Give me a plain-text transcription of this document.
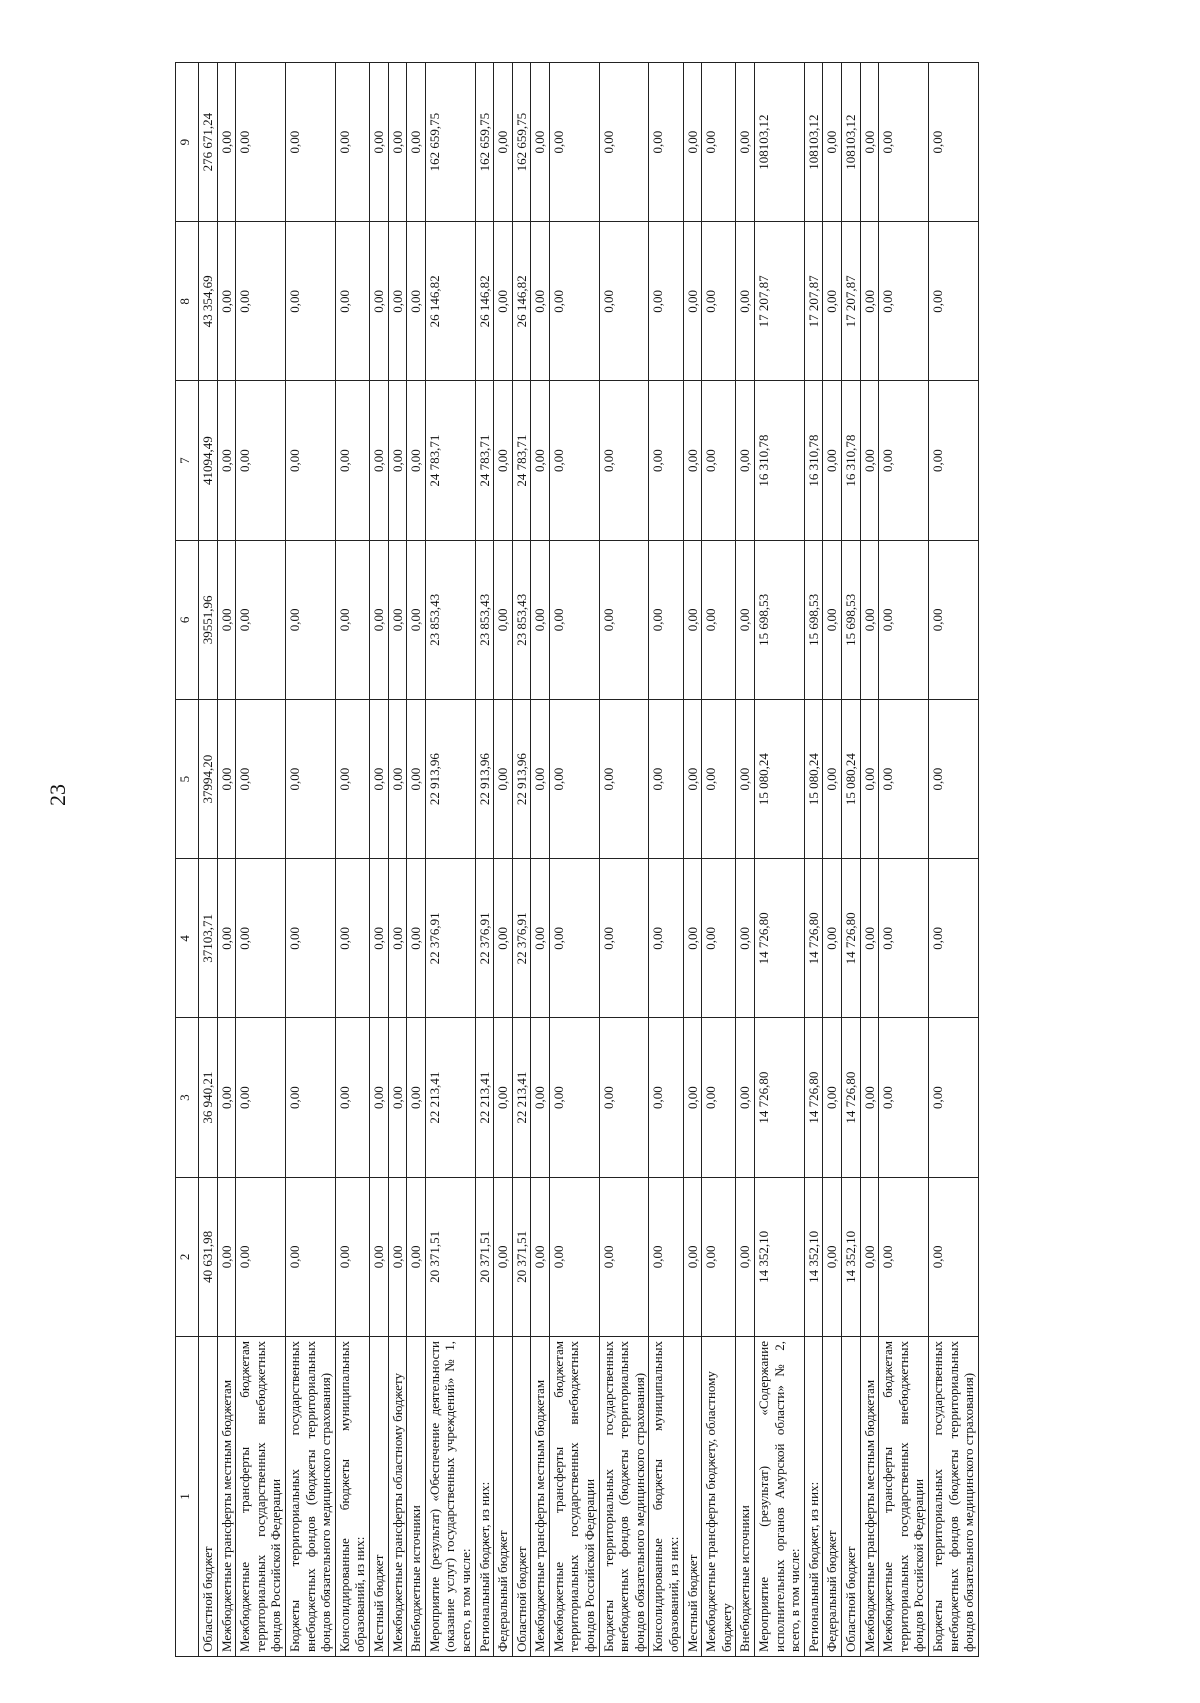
23
1	2	3	4	5	6	7	8	9
Областной бюджет	40 631,98	36 940,21	37103,71	37994,20	39551,96	41094,49	43 354,69	276 671,24
Межбюджетные трансферты местным бюджетам	0,00	0,00	0,00	0,00	0,00	0,00	0,00	0,00
Межбюджетные трансферты бюджетам территориальных государственных внебюджетных фондов Российской Федерации	0,00	0,00	0,00	0,00	0,00	0,00	0,00	0,00
Бюджеты территориальных государственных внебюджетных фондов (бюджеты территориальных фондов обязательного медицинского страхования)	0,00	0,00	0,00	0,00	0,00	0,00	0,00	0,00
Консолидированные бюджеты муниципальных образований, из них:	0,00	0,00	0,00	0,00	0,00	0,00	0,00	0,00
Местный бюджет	0,00	0,00	0,00	0,00	0,00	0,00	0,00	0,00
Межбюджетные трансферты областному бюджету	0,00	0,00	0,00	0,00	0,00	0,00	0,00	0,00
Внебюджетные источники	0,00	0,00	0,00	0,00	0,00	0,00	0,00	0,00
Мероприятие (результат) «Обеспечение деятельности (оказание услуг) государственных учреждений» № 1, всего, в том числе:	20 371,51	22 213,41	22 376,91	22 913,96	23 853,43	24 783,71	26 146,82	162 659,75
Региональный бюджет, из них:	20 371,51	22 213,41	22 376,91	22 913,96	23 853,43	24 783,71	26 146,82	162 659,75
Федеральный бюджет	0,00	0,00	0,00	0,00	0,00	0,00	0,00	0,00
Областной бюджет	20 371,51	22 213,41	22 376,91	22 913,96	23 853,43	24 783,71	26 146,82	162 659,75
Межбюджетные трансферты местным бюджетам	0,00	0,00	0,00	0,00	0,00	0,00	0,00	0,00
Межбюджетные трансферты бюджетам территориальных государственных внебюджетных фондов Российской Федерации	0,00	0,00	0,00	0,00	0,00	0,00	0,00	0,00
Бюджеты территориальных государственных внебюджетных фондов (бюджеты территориальных фондов обязательного медицинского страхования)	0,00	0,00	0,00	0,00	0,00	0,00	0,00	0,00
Консолидированные бюджеты муниципальных образований, из них:	0,00	0,00	0,00	0,00	0,00	0,00	0,00	0,00
Местный бюджет	0,00	0,00	0,00	0,00	0,00	0,00	0,00	0,00
Межбюджетные трансферты бюджету, областному бюджету	0,00	0,00	0,00	0,00	0,00	0,00	0,00	0,00
Внебюджетные источники	0,00	0,00	0,00	0,00	0,00	0,00	0,00	0,00
Мероприятие (результат) «Содержание исполнительных органов Амурской области» № 2, всего, в том числе:	14 352,10	14 726,80	14 726,80	15 080,24	15 698,53	16 310,78	17 207,87	108103,12
Региональный бюджет, из них:	14 352,10	14 726,80	14 726,80	15 080,24	15 698,53	16 310,78	17 207,87	108103,12
Федеральный бюджет	0,00	0,00	0,00	0,00	0,00	0,00	0,00	0,00
Областной бюджет	14 352,10	14 726,80	14 726,80	15 080,24	15 698,53	16 310,78	17 207,87	108103,12
Межбюджетные трансферты местным бюджетам	0,00	0,00	0,00	0,00	0,00	0,00	0,00	0,00
Межбюджетные трансферты бюджетам территориальных государственных внебюджетных фондов Российской Федерации	0,00	0,00	0,00	0,00	0,00	0,00	0,00	0,00
Бюджеты территориальных государственных внебюджетных фондов (бюджеты территориальных фондов обязательного медицинского страхования)	0,00	0,00	0,00	0,00	0,00	0,00	0,00	0,00
